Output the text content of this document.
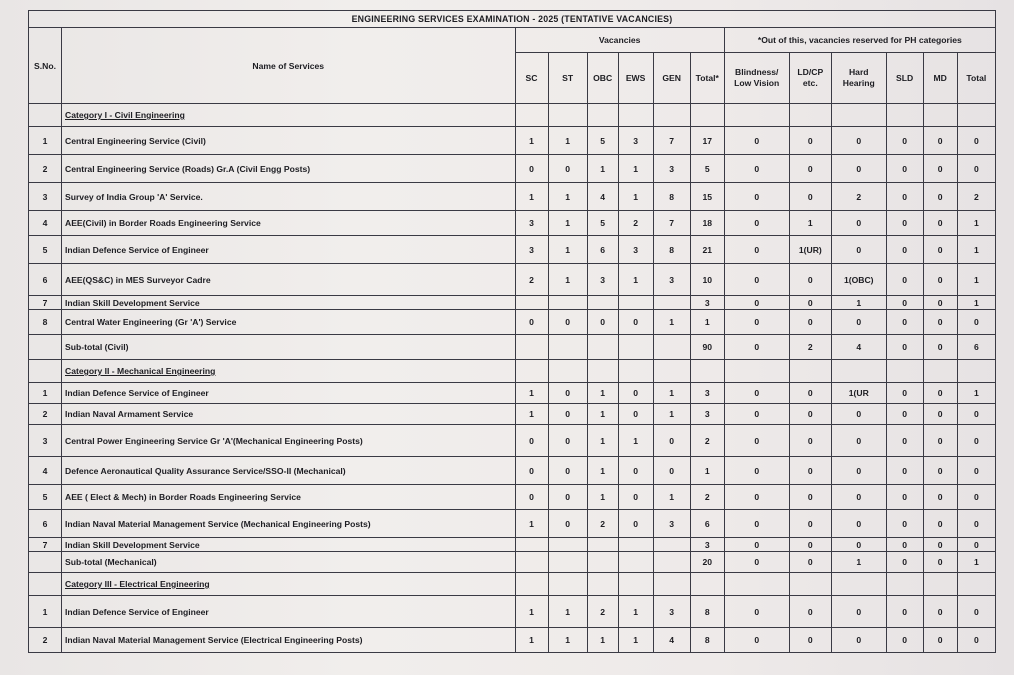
ENGINEERING SERVICES EXAMINATION - 2025 (TENTATIVE VACANCIES)													
S.No.	Name of Services	Vacancies						*Out of this, vacancies reserved for PH categories					
		SC	ST	OBC	EWS	GEN	Total*	Blindness/ Low Vision	LD/CP etc.	Hard Hearing	SLD	MD	Total
	Category I - Civil Engineering												
1	Central Engineering Service (Civil)	1	1	5	3	7	17	0	0	0	0	0	0
2	Central Engineering Service (Roads) Gr.A (Civil Engg Posts)	0	0	1	1	3	5	0	0	0	0	0	0
3	Survey of India Group 'A' Service.	1	1	4	1	8	15	0	0	2	0	0	2
4	AEE(Civil) in Border Roads Engineering Service	3	1	5	2	7	18	0	1	0	0	0	1
5	Indian Defence Service of Engineer	3	1	6	3	8	21	0	1(UR)	0	0	0	1
6	AEE(QS&C) in MES Surveyor Cadre	2	1	3	1	3	10	0	0	1(OBC)	0	0	1
7	Indian Skill Development Service						3	0	0	1	0	0	1
8	Central Water Engineering (Gr 'A') Service	0	0	0	0	1	1	0	0	0	0	0	0
	Sub-total (Civil)						90	0	2	4	0	0	6
	Category II - Mechanical Engineering												
1	Indian Defence Service of Engineer	1	0	1	0	1	3	0	0	1(UR	0	0	1
2	Indian Naval Armament Service	1	0	1	0	1	3	0	0	0	0	0	0
3	Central Power Engineering Service Gr 'A'(Mechanical Engineering Posts)	0	0	1	1	0	2	0	0	0	0	0	0
4	Defence Aeronautical Quality Assurance Service/SSO-II (Mechanical)	0	0	1	0	0	1	0	0	0	0	0	0
5	AEE ( Elect & Mech) in Border Roads Engineering Service	0	0	1	0	1	2	0	0	0	0	0	0
6	Indian Naval Material Management Service (Mechanical Engineering Posts)	1	0	2	0	3	6	0	0	0	0	0	0
7	Indian Skill Development Service						3	0	0	0	0	0	0
	Sub-total (Mechanical)						20	0	0	1	0	0	1
	Category III - Electrical Engineering												
1	Indian Defence Service of Engineer	1	1	2	1	3	8	0	0	0	0	0	0
2	Indian Naval Material Management Service (Electrical Engineering Posts)	1	1	1	1	4	8	0	0	0	0	0	0
